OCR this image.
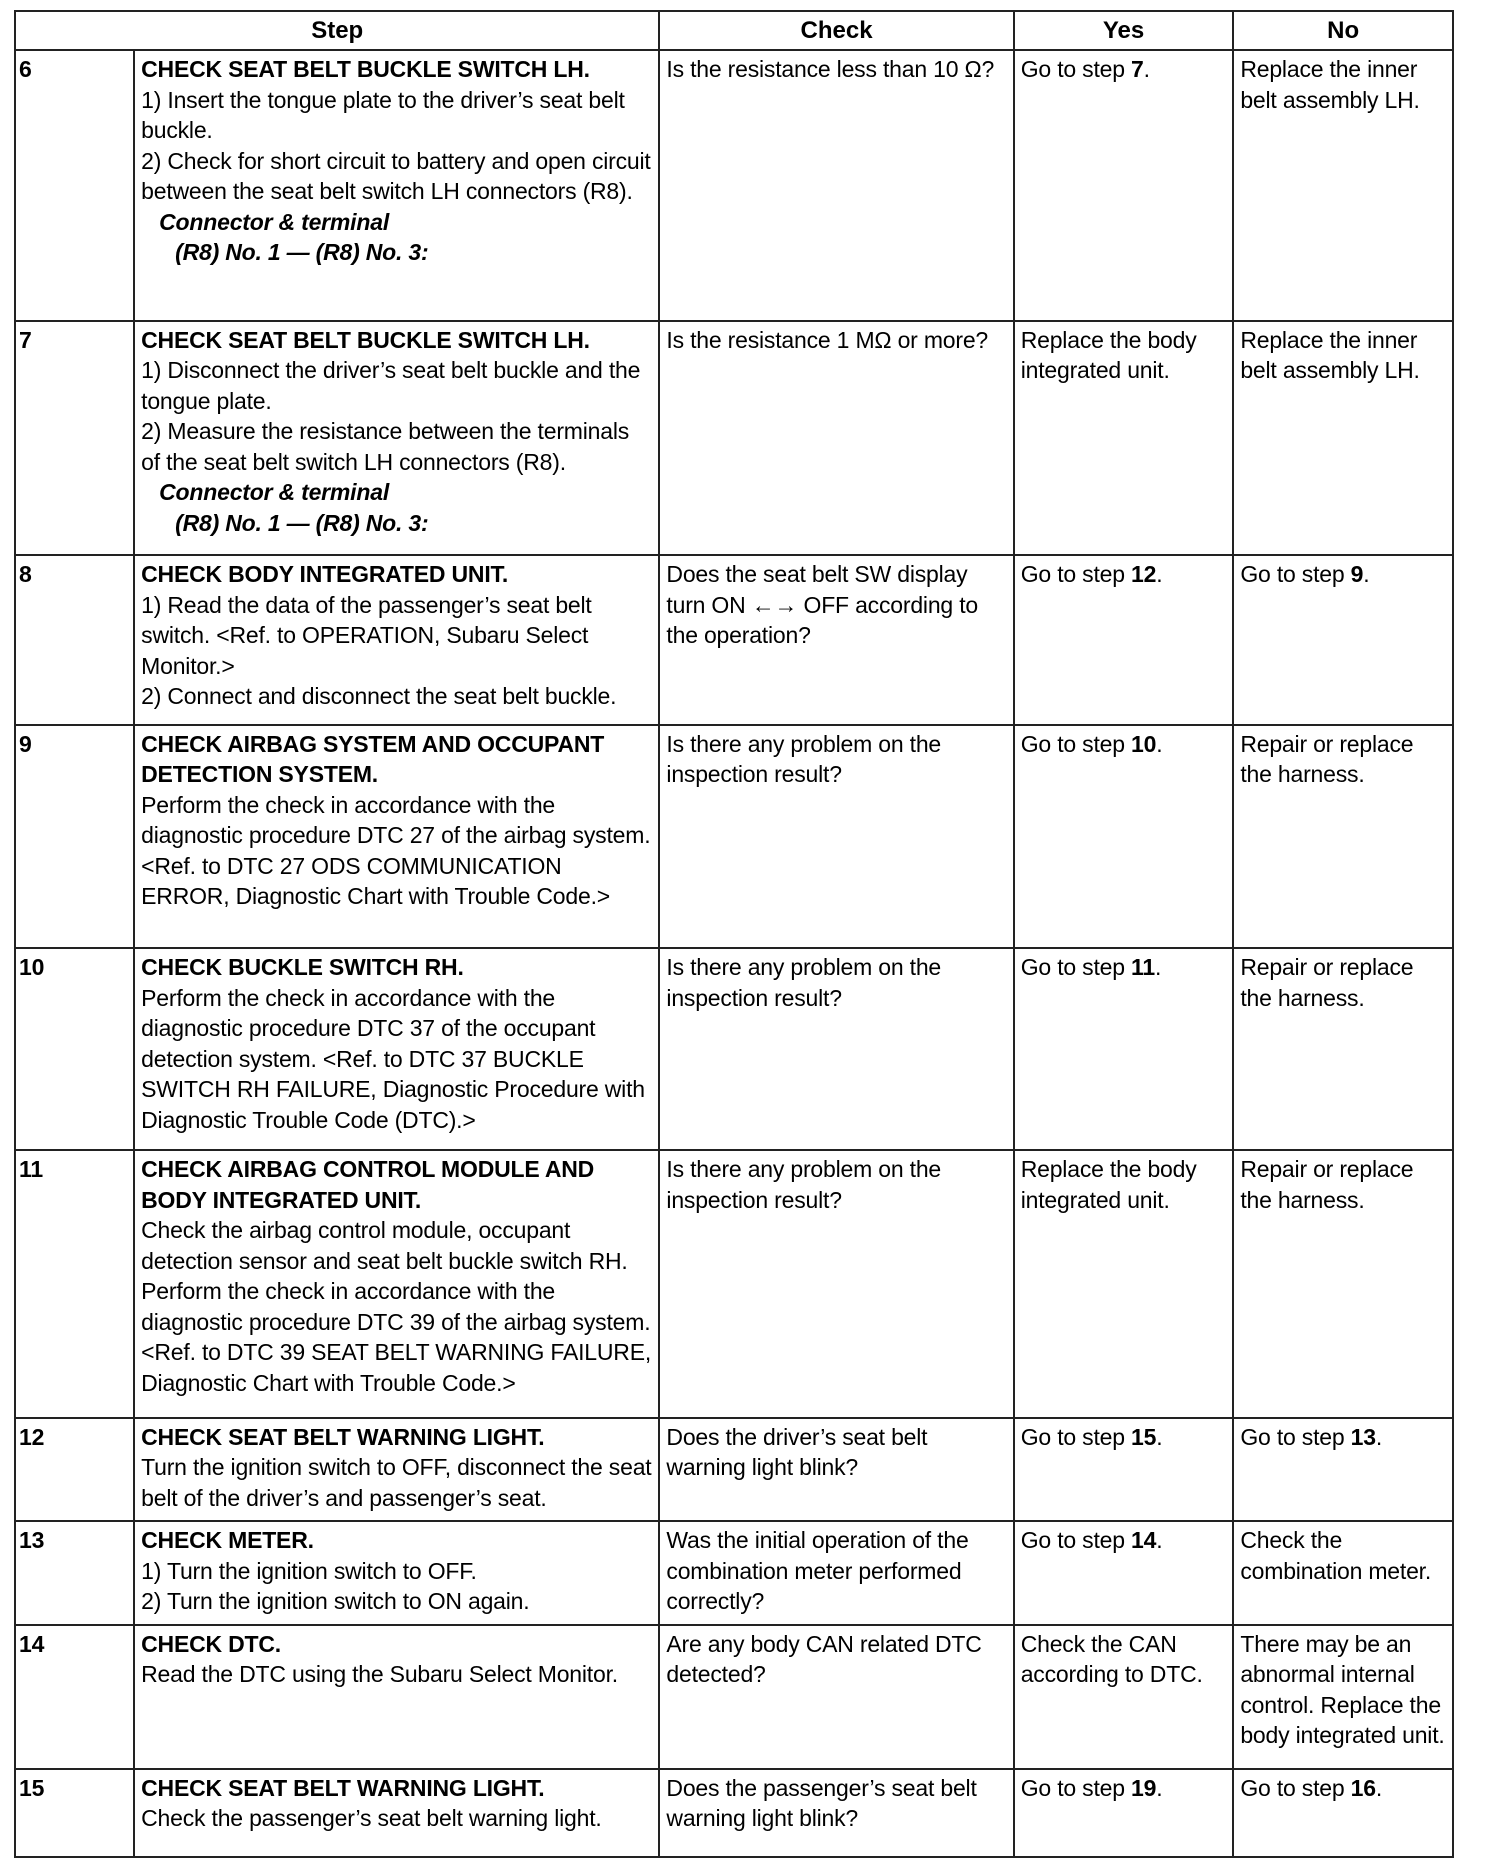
Step		Check	Yes	No
6	CHECK SEAT BELT BUCKLE SWITCH LH.
1) Insert the tongue plate to the driver’s seat belt buckle.
2) Check for short circuit to battery and open circuit between the seat belt switch LH connectors (R8).
Connector & terminal
(R8) No. 1 — (R8) No. 3:	Is the resistance less than 10 Ω?	Go to step 7.	Replace the inner belt assembly LH.
7	CHECK SEAT BELT BUCKLE SWITCH LH.
1) Disconnect the driver’s seat belt buckle and the tongue plate.
2) Measure the resistance between the terminals of the seat belt switch LH connectors (R8).
Connector & terminal
(R8) No. 1 — (R8) No. 3:	Is the resistance 1 MΩ or more?	Replace the body integrated unit.	Replace the inner belt assembly LH.
8	CHECK BODY INTEGRATED UNIT.
1) Read the data of the passenger’s seat belt switch. <Ref. to OPERATION, Subaru Select Monitor.>
2) Connect and disconnect the seat belt buckle.	Does the seat belt SW display turn ON ←→ OFF according to the operation?	Go to step 12.	Go to step 9.
9	CHECK AIRBAG SYSTEM AND OCCUPANT DETECTION SYSTEM.
Perform the check in accordance with the diagnostic procedure DTC 27 of the airbag system. <Ref. to DTC 27 ODS COMMUNICATION ERROR, Diagnostic Chart with Trouble Code.>	Is there any problem on the inspection result?	Go to step 10.	Repair or replace the harness.
10	CHECK BUCKLE SWITCH RH.
Perform the check in accordance with the diagnostic procedure DTC 37 of the occupant detection system. <Ref. to DTC 37 BUCKLE SWITCH RH FAILURE, Diagnostic Procedure with Diagnostic Trouble Code (DTC).>	Is there any problem on the inspection result?	Go to step 11.	Repair or replace the harness.
11	CHECK AIRBAG CONTROL MODULE AND BODY INTEGRATED UNIT.
Check the airbag control module, occupant detection sensor and seat belt buckle switch RH.
Perform the check in accordance with the diagnostic procedure DTC 39 of the airbag system. <Ref. to DTC 39 SEAT BELT WARNING FAILURE, Diagnostic Chart with Trouble Code.>	Is there any problem on the inspection result?	Replace the body integrated unit.	Repair or replace the harness.
12	CHECK SEAT BELT WARNING LIGHT.
Turn the ignition switch to OFF, disconnect the seat belt of the driver’s and passenger’s seat.	Does the driver’s seat belt warning light blink?	Go to step 15.	Go to step 13.
13	CHECK METER.
1) Turn the ignition switch to OFF.
2) Turn the ignition switch to ON again.	Was the initial operation of the combination meter performed correctly?	Go to step 14.	Check the combination meter.
14	CHECK DTC.
Read the DTC using the Subaru Select Monitor.	Are any body CAN related DTC detected?	Check the CAN according to DTC.	There may be an abnormal internal control. Replace the body integrated unit.
15	CHECK SEAT BELT WARNING LIGHT.
Check the passenger’s seat belt warning light.	Does the passenger’s seat belt warning light blink?	Go to step 19.	Go to step 16.
